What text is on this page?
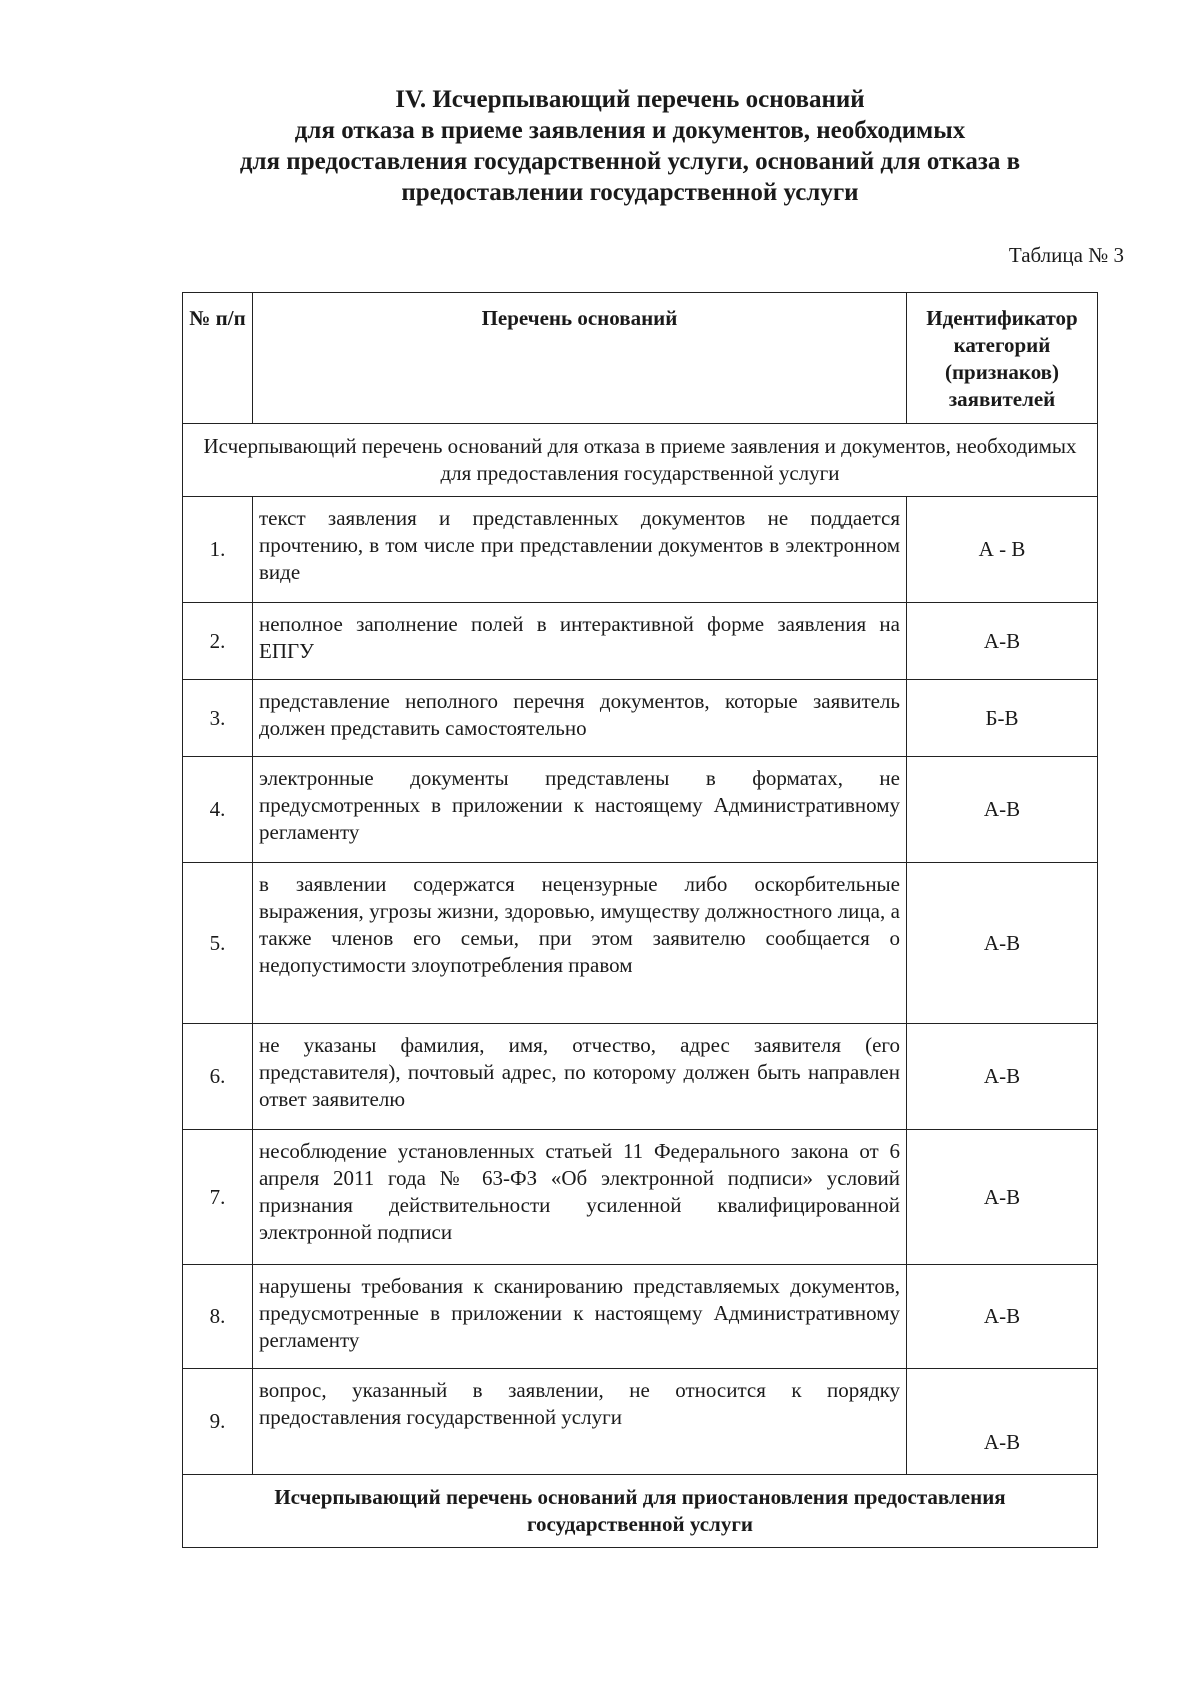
IV. Исчерпывающий перечень оснований
для отказа в приеме заявления и документов, необходимых
для предоставления государственной услуги, оснований для отказа в
предоставлении государственной услуги
Таблица № 3
№ п/п	Перечень оснований	Идентификатор категорий (признаков) заявителей
Исчерпывающий перечень оснований для отказа в приеме заявления и документов, необходимых для предоставления государственной услуги		
1.	текст заявления и представленных документов не поддается прочтению, в том числе при представлении документов в электронном виде	А - В
2.	неполное заполнение полей в интерактивной форме заявления на ЕПГУ	А-В
3.	представление неполного перечня документов, которые заявитель должен представить самостоятельно	Б-В
4.	электронные документы представлены в форматах, не предусмотренных в приложении к настоящему Административному регламенту	А-В
5.	в заявлении содержатся нецензурные либо оскорбительные выражения, угрозы жизни, здоровью, имуществу должностного лица, а также членов его семьи, при этом заявителю сообщается о недопустимости злоупотребления правом	А-В
6.	не указаны фамилия, имя, отчество, адрес заявителя (его представителя), почтовый адрес, по которому должен быть направлен ответ заявителю	А-В
7.	несоблюдение установленных статьей 11 Федерального закона от 6 апреля 2011 года № 63-ФЗ «Об электронной подписи» условий признания действительности усиленной квалифицированной электронной подписи	А-В
8.	нарушены требования к сканированию представляемых документов, предусмотренные в приложении к настоящему Административному регламенту	А-В
9.	вопрос, указанный в заявлении, не относится к порядку предоставления государственной услуги	А-В
Исчерпывающий перечень оснований для приостановления предоставления государственной услуги		
